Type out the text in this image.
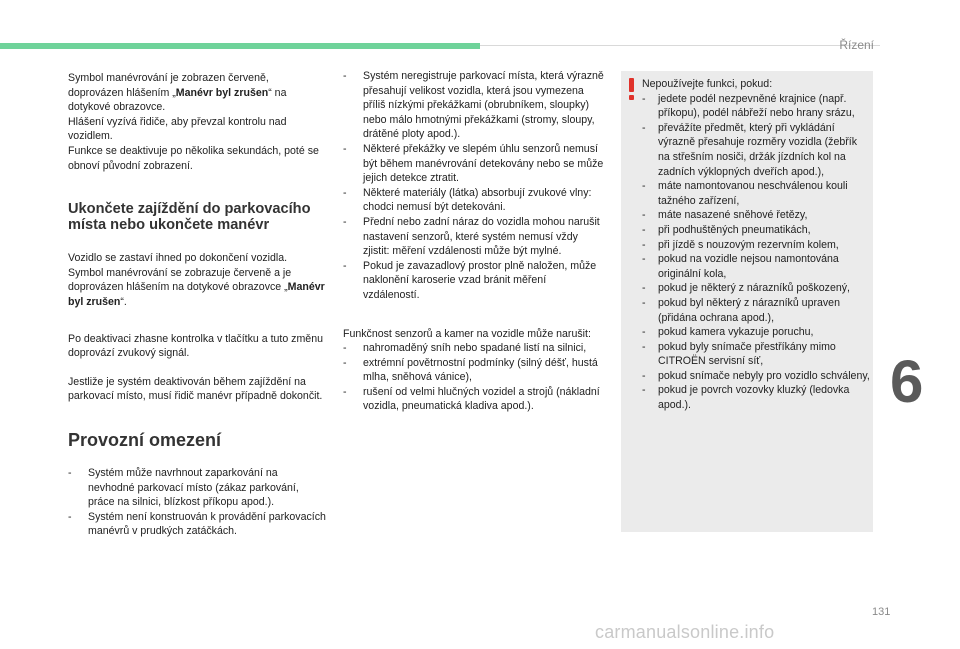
Řízení

Symbol manévrování je zobrazen červeně, doprovázen hlášením „Manévr byl zrušen“ na dotykové obrazovce.
Hlášení vyzívá řidiče, aby převzal kontrolu nad vozidlem.
Funkce se deaktivuje po několika sekundách, poté se obnoví původní zobrazení.

Ukončete zajíždění do parkovacího místa nebo ukončete manévr

Vozidlo se zastaví ihned po dokončení vozidla.
Symbol manévrování se zobrazuje červeně a je doprovázen hlášením na dotykové obrazovce „Manévr byl zrušen“.

Po deaktivaci zhasne kontrolka v tlačítku a tuto změnu doprovází zvukový signál.

Jestliže je systém deaktivován během zajíždění na parkovací místo, musí řidič manévr případně dokončit.

Provozní omezení
- Systém může navrhnout zaparkování na nevhodné parkovací místo (zákaz parkování, práce na silnici, blízkost příkopu apod.).
- Systém není konstruován k provádění parkovacích manévrů v prudkých zatáčkách.
- Systém neregistruje parkovací místa, která výrazně přesahují velikost vozidla, která jsou vymezena příliš nízkými překážkami (obrubníkem, sloupky) nebo málo hmotnými překážkami (stromy, sloupy, drátěné ploty apod.).
- Některé překážky ve slepém úhlu senzorů nemusí být během manévrování detekovány nebo se může jejich detekce ztratit.
- Některé materiály (látka) absorbují zvukové vlny: chodci nemusí být detekováni.
- Přední nebo zadní náraz do vozidla mohou narušit nastavení senzorů, které systém nemusí vždy zjistit: měření vzdálenosti může být mylné.
- Pokud je zavazadlový prostor plně naložen, může naklonění karoserie vzad bránit měření vzdáleností.

Funkčnost senzorů a kamer na vozidle může narušit:

- nahromaděný sníh nebo spadané listí na silnici,
- extrémní povětrnostní podmínky (silný déšť, hustá mlha, sněhová vánice),
- rušení od velmi hlučných vozidel a strojů (nákladní vozidla, pneumatická kladiva apod.).

Nepoužívejte funkci, pokud:

- jedete podél nezpevněné krajnice (např. příkopu), podél nábřeží nebo hrany srázu,
- převážíte předmět, který při vykládání výrazně přesahuje rozměry vozidla (žebřík na střešním nosiči, držák jízdních kol na zadních výklopných dveřích apod.),
- máte namontovanou neschválenou kouli tažného zařízení,
- máte nasazené sněhové řetězy,
- při podhuštěných pneumatikách,
- při jízdě s nouzovým rezervním kolem,
- pokud na vozidle nejsou namontována originální kola,
- pokud je některý z nárazníků poškozený,
- pokud byl některý z nárazníků upraven (přidána ochrana apod.),
- pokud kamera vykazuje poruchu,
- pokud byly snímače přestříkány mimo CITROËN servisní síť,
- pokud snímače nebyly pro vozidlo schváleny,
- pokud je povrch vozovky kluzký (ledovka apod.).	6
131
carmanualsonline.info
